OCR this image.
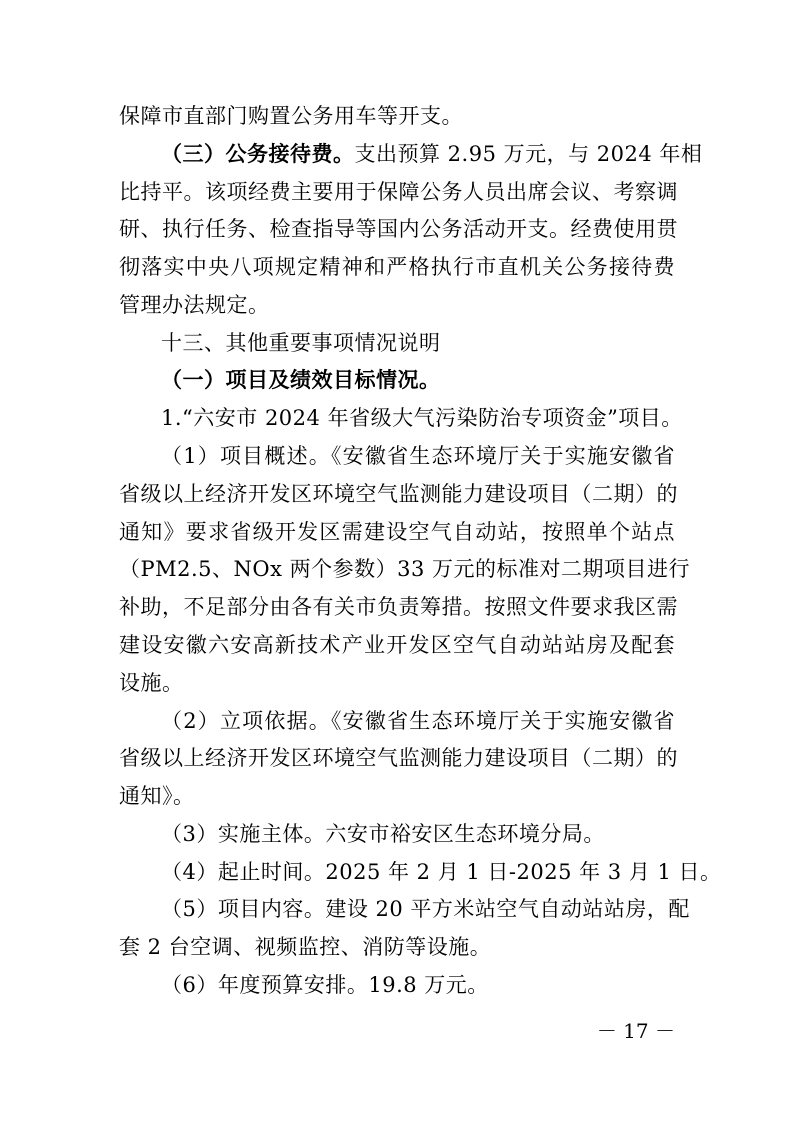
保障市直部门购置公务用车等开支。
（三）公务接待费。支出预算 2.95 万元，与 2024 年相
比持平。该项经费主要用于保障公务人员出席会议、考察调
研、执行任务、检查指导等国内公务活动开支。经费使用贯
彻落实中央八项规定精神和严格执行市直机关公务接待费
管理办法规定。
十三、其他重要事项情况说明
（一）项目及绩效目标情况。
1.“六安市 2024 年省级大气污染防治专项资金”项目。
（1）项目概述。《安徽省生态环境厅关于实施安徽省
省级以上经济开发区环境空气监测能力建设项目（二期）的
通知》要求省级开发区需建设空气自动站，按照单个站点
（PM2.5、NOx 两个参数）33 万元的标准对二期项目进行
补助，不足部分由各有关市负责筹措。按照文件要求我区需
建设安徽六安高新技术产业开发区空气自动站站房及配套
设施。
（2）立项依据。《安徽省生态环境厅关于实施安徽省
省级以上经济开发区环境空气监测能力建设项目（二期）的
通知》。
（3）实施主体。六安市裕安区生态环境分局。
（4）起止时间。2025 年 2 月 1 日-2025 年 3 月 1 日。
（5）项目内容。建设 20 平方米站空气自动站站房，配
套 2 台空调、视频监控、消防等设施。
（6）年度预算安排。19.8 万元。
－ 17 －
